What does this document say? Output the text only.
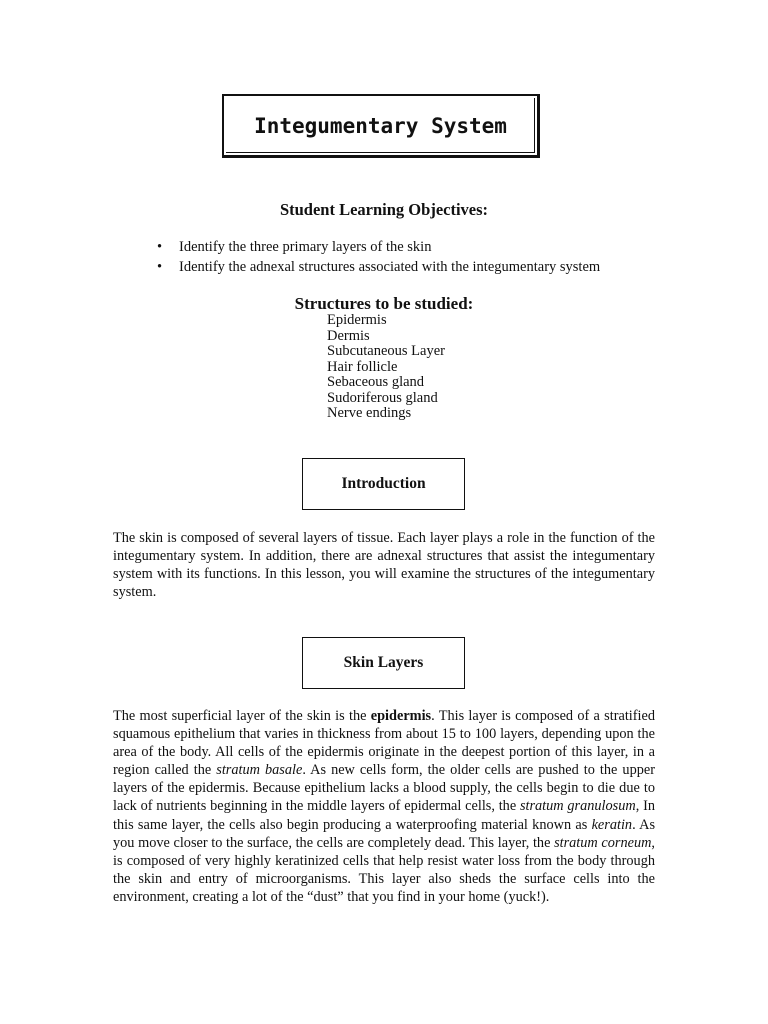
Integumentary System
Student Learning Objectives:
• Identify the three primary layers of the skin
• Identify the adnexal structures associated with the integumentary system
Structures to be studied:
Epidermis
Dermis
Subcutaneous Layer
Hair follicle
Sebaceous gland
Sudoriferous gland
Nerve endings
Introduction

The skin is composed of several layers of tissue. Each layer plays a role in the function of the integumentary system. In addition, there are adnexal structures that assist the integumentary system with its functions. In this lesson, you will examine the structures of the integumentary system.

Skin Layers

The most superficial layer of the skin is the epidermis. This layer is composed of a stratified squamous epithelium that varies in thickness from about 15 to 100 layers, depending upon the area of the body. All cells of the epidermis originate in the deepest portion of this layer, in a region called the stratum basale. As new cells form, the older cells are pushed to the upper layers of the epidermis. Because epithelium lacks a blood supply, the cells begin to die due to lack of nutrients beginning in the middle layers of epidermal cells, the stratum granulosum, In this same layer, the cells also begin producing a waterproofing material known as keratin. As you move closer to the surface, the cells are completely dead. This layer, the stratum corneum, is composed of very highly keratinized cells that help resist water loss from the body through the skin and entry of microorganisms. This layer also sheds the surface cells into the environment, creating a lot of the “dust” that you find in your home (yuck!).
